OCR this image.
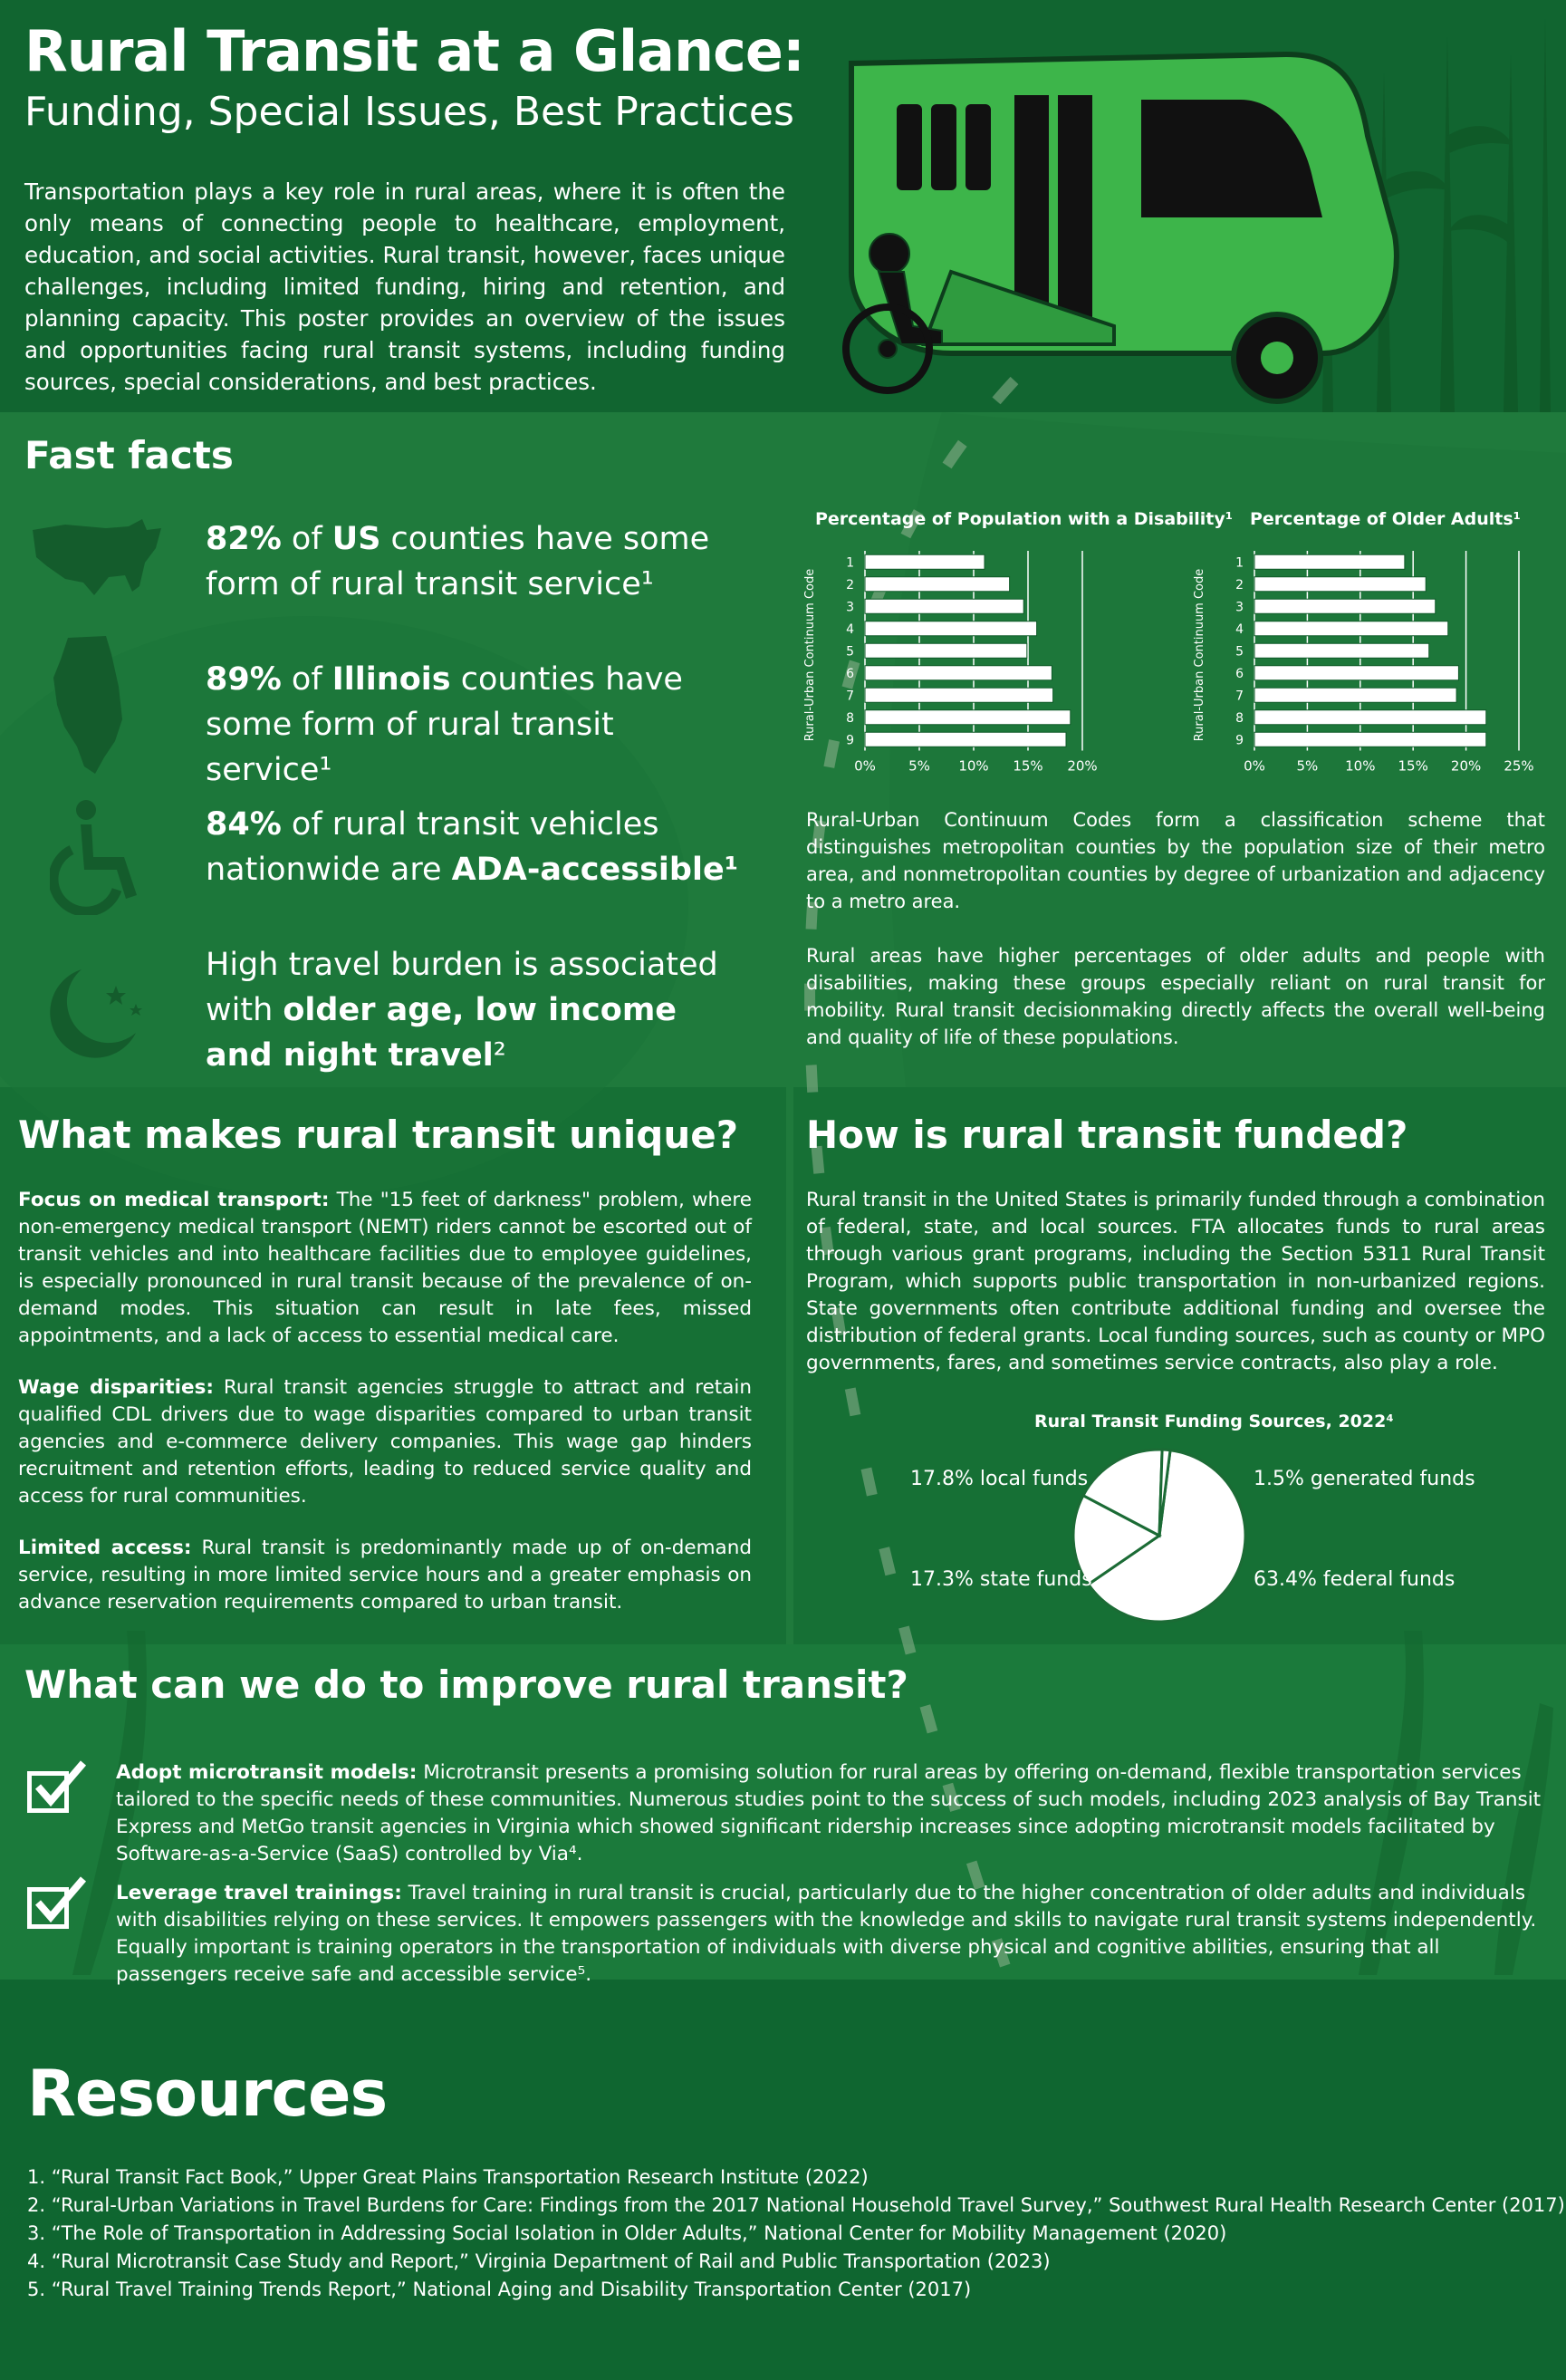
Rural Transit at a Glance:
Funding, Special Issues, Best Practices

Transportation plays a key role in rural areas, where it is often the only means of connecting people to healthcare, employment, education, and social activities. Rural transit, however, faces unique challenges, including limited funding, hiring and retention, and planning capacity. This poster provides an overview of the issues and opportunities facing rural transit systems, including funding sources, special considerations, and best practices.

Fast facts
82% of US counties have some form of rural transit service¹
89% of Illinois counties have some form of rural transit service¹
84% of rural transit vehicles nationwide are ADA-accessible¹
High travel burden is associated with older age, low income and night travel²
Percentage of Population with a Disability¹ Percentage of Older Adults¹
Rural-Urban Continuum Code
0% 5% 10% 15% 20%
1
2
3
4
5
6
7
8
9	Rural-Urban Continuum Code
0% 5% 10% 15% 20% 25%
1
2
3
4
5
6
7
8
9

Rural-Urban Continuum Codes form a classification scheme that distinguishes metropolitan counties by the population size of their metro area, and nonmetropolitan counties by degree of urbanization and adjacency to a metro area.

Rural areas have higher percentages of older adults and people with disabilities, making these groups especially reliant on rural transit for mobility. Rural transit decisionmaking directly affects the overall well-being and quality of life of these populations.

What makes rural transit unique?

Focus on medical transport: The "15 feet of darkness" problem, where non-emergency medical transport (NEMT) riders cannot be escorted out of transit vehicles and into healthcare facilities due to employee guidelines, is especially pronounced in rural transit because of the prevalence of on-demand modes. This situation can result in late fees, missed appointments, and a lack of access to essential medical care.

Wage disparities: Rural transit agencies struggle to attract and retain qualified CDL drivers due to wage disparities compared to urban transit agencies and e-commerce delivery companies. This wage gap hinders recruitment and retention efforts, leading to reduced service quality and access for rural communities.

Limited access: Rural transit is predominantly made up of on-demand service, resulting in more limited service hours and a greater emphasis on advance reservation requirements compared to urban transit.

How is rural transit funded?

Rural transit in the United States is primarily funded through a combination of federal, state, and local sources. FTA allocates funds to rural areas through various grant programs, including the Section 5311 Rural Transit Program, which supports public transportation in non-urbanized regions. State governments often contribute additional funding and oversee the distribution of federal grants. Local funding sources, such as county or MPO governments, fares, and sometimes service contracts, also play a role.

Rural Transit Funding Sources, 2022⁴
17.8% local funds	1.5% generated funds
17.3% state funds	63.4% federal funds
What can we do to improve rural transit?

Adopt microtransit models: Microtransit presents a promising solution for rural areas by offering on-demand, flexible transportation services tailored to the specific needs of these communities. Numerous studies point to the success of such models, including 2023 analysis of Bay Transit Express and MetGo transit agencies in Virginia which showed significant ridership increases since adopting microtransit models facilitated by Software-as-a-Service (SaaS) controlled by Via⁴.

Leverage travel trainings: Travel training in rural transit is crucial, particularly due to the higher concentration of older adults and individuals with disabilities relying on these services. It empowers passengers with the knowledge and skills to navigate rural transit systems independently. Equally important is training operators in the transportation of individuals with diverse physical and cognitive abilities, ensuring that all passengers receive safe and accessible service⁵.

Resources
1. “Rural Transit Fact Book,” Upper Great Plains Transportation Research Institute (2022)
2. “Rural-Urban Variations in Travel Burdens for Care: Findings from the 2017 National Household Travel Survey,” Southwest Rural Health Research Center (2017)
3. “The Role of Transportation in Addressing Social Isolation in Older Adults,” National Center for Mobility Management (2020)
4. “Rural Microtransit Case Study and Report,” Virginia Department of Rail and Public Transportation (2023)
5. “Rural Travel Training Trends Report,” National Aging and Disability Transportation Center (2017)
